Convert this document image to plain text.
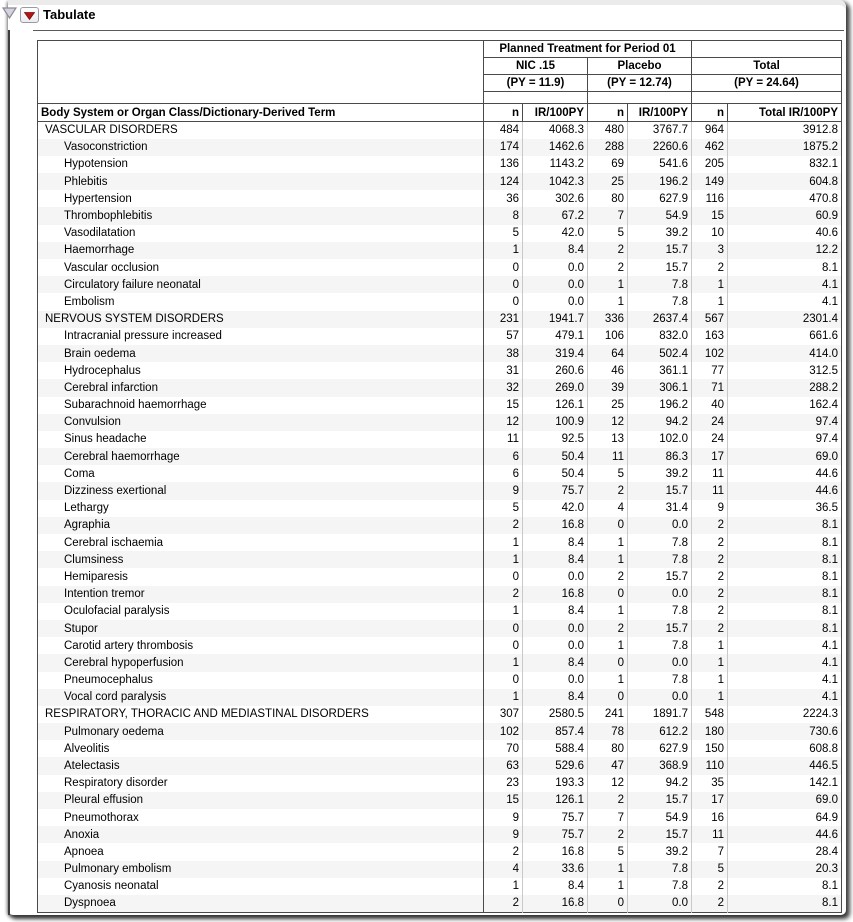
Tabulate
	Planned Treatment for Period 01					
	NIC .15		Placebo		Total	
	(PY = 11.9)		(PY = 12.74)		(PY = 24.64)	

Body System or Organ Class/Dictionary-Derived Term	n	IR/100PY	n	IR/100PY	n	Total IR/100PY
VASCULAR DISORDERS	484	4068.3	480	3767.7	964	3912.8
Vasoconstriction	174	1462.6	288	2260.6	462	1875.2
Hypotension	136	1143.2	69	541.6	205	832.1
Phlebitis	124	1042.3	25	196.2	149	604.8
Hypertension	36	302.6	80	627.9	116	470.8
Thrombophlebitis	8	67.2	7	54.9	15	60.9
Vasodilatation	5	42.0	5	39.2	10	40.6
Haemorrhage	1	8.4	2	15.7	3	12.2
Vascular occlusion	0	0.0	2	15.7	2	8.1
Circulatory failure neonatal	0	0.0	1	7.8	1	4.1
Embolism	0	0.0	1	7.8	1	4.1
NERVOUS SYSTEM DISORDERS	231	1941.7	336	2637.4	567	2301.4
Intracranial pressure increased	57	479.1	106	832.0	163	661.6
Brain oedema	38	319.4	64	502.4	102	414.0
Hydrocephalus	31	260.6	46	361.1	77	312.5
Cerebral infarction	32	269.0	39	306.1	71	288.2
Subarachnoid haemorrhage	15	126.1	25	196.2	40	162.4
Convulsion	12	100.9	12	94.2	24	97.4
Sinus headache	11	92.5	13	102.0	24	97.4
Cerebral haemorrhage	6	50.4	11	86.3	17	69.0
Coma	6	50.4	5	39.2	11	44.6
Dizziness exertional	9	75.7	2	15.7	11	44.6
Lethargy	5	42.0	4	31.4	9	36.5
Agraphia	2	16.8	0	0.0	2	8.1
Cerebral ischaemia	1	8.4	1	7.8	2	8.1
Clumsiness	1	8.4	1	7.8	2	8.1
Hemiparesis	0	0.0	2	15.7	2	8.1
Intention tremor	2	16.8	0	0.0	2	8.1
Oculofacial paralysis	1	8.4	1	7.8	2	8.1
Stupor	0	0.0	2	15.7	2	8.1
Carotid artery thrombosis	0	0.0	1	7.8	1	4.1
Cerebral hypoperfusion	1	8.4	0	0.0	1	4.1
Pneumocephalus	0	0.0	1	7.8	1	4.1
Vocal cord paralysis	1	8.4	0	0.0	1	4.1
RESPIRATORY, THORACIC AND MEDIASTINAL DISORDERS	307	2580.5	241	1891.7	548	2224.3
Pulmonary oedema	102	857.4	78	612.2	180	730.6
Alveolitis	70	588.4	80	627.9	150	608.8
Atelectasis	63	529.6	47	368.9	110	446.5
Respiratory disorder	23	193.3	12	94.2	35	142.1
Pleural effusion	15	126.1	2	15.7	17	69.0
Pneumothorax	9	75.7	7	54.9	16	64.9
Anoxia	9	75.7	2	15.7	11	44.6
Apnoea	2	16.8	5	39.2	7	28.4
Pulmonary embolism	4	33.6	1	7.8	5	20.3
Cyanosis neonatal	1	8.4	1	7.8	2	8.1
Dyspnoea	2	16.8	0	0.0	2	8.1
